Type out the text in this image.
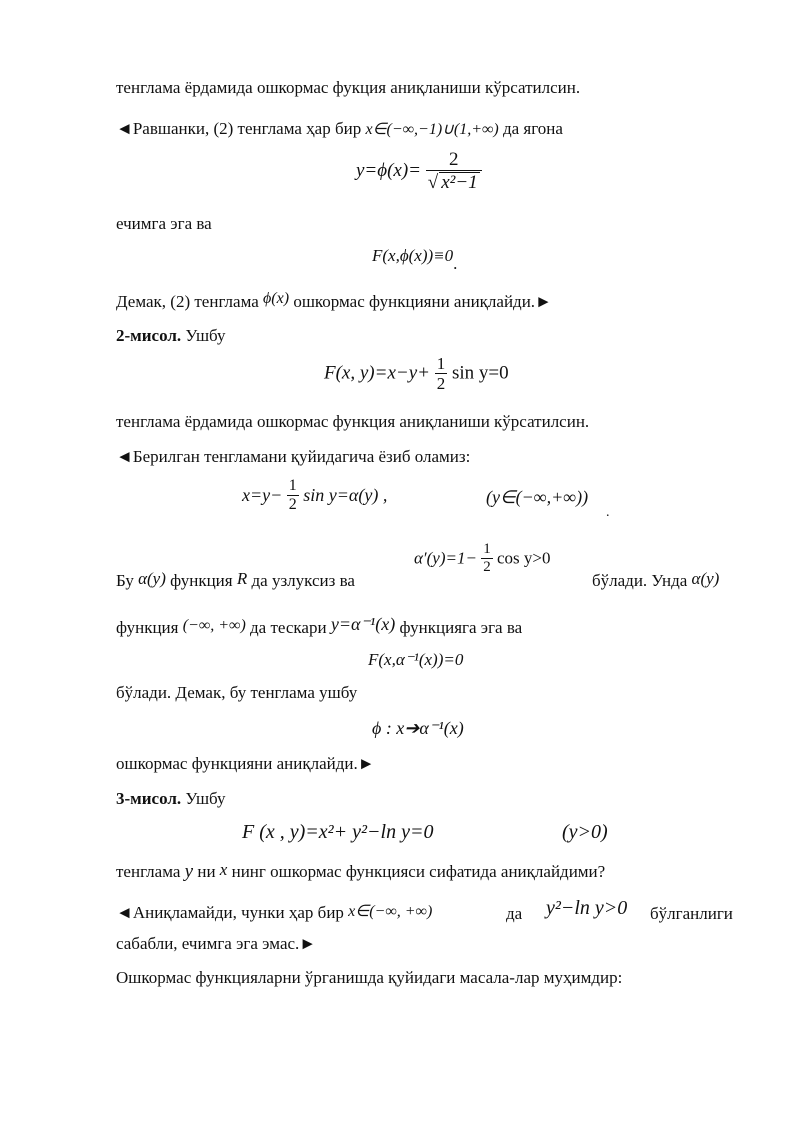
тенглама ёрдамида ошкормас фукция аниқланиши кўрсатилсин.
◄Равшанки, (2) тенглама ҳар бир x∈(−∞,−1)∪(1,+∞) да ягона
$y=\phi(x)= \frac{2}{\text{√ x²−1}}$
ечимга эга ва
F(x,ϕ(x))≡0.
Демак, (2) тенглама ϕ(x) ошкормас функцияни аниқлайди.►
2-мисол. Ушбу
F(x, $y)=x-y+ \frac{1}{2}$ sin y=0
тенглама ёрдамида ошкормас функция аниқланиши кўрсатилсин.
◄Берилган тенгламани қуйидагича ёзиб оламиз:
$x=y- \frac{1}{2}$ sin y=α(y) ,	(y∈(−∞,+∞))
.
Бу α(y) функция R да узлуксиз ва
$\alpha'(y)=1- \frac{1}{2}$ cos y>0
бўлади. Унда α(y)
функция (−∞, +∞) да тескари y=α⁻¹(x) функцияга эга ва
F(x,α⁻¹(x))=0
бўлади. Демак, бу тенглама ушбу
ϕ : x➔α⁻¹(x)
ошкормас функцияни аниқлайди.►
3-мисол. Ушбу
F (x , y)=x²+ y²−ln y=0	(y>0)
тенглама y ни x нинг ошкормас функцияси сифатида аниқлайдими?
◄Аниқламайди, чунки ҳар бир x∈(−∞, +∞)	да y²−ln y>0 бўлганлиги
сабабли, ечимга эга эмас.►
Ошкормас функцияларни ўрганишда қуйидаги масала-лар муҳимдир:
